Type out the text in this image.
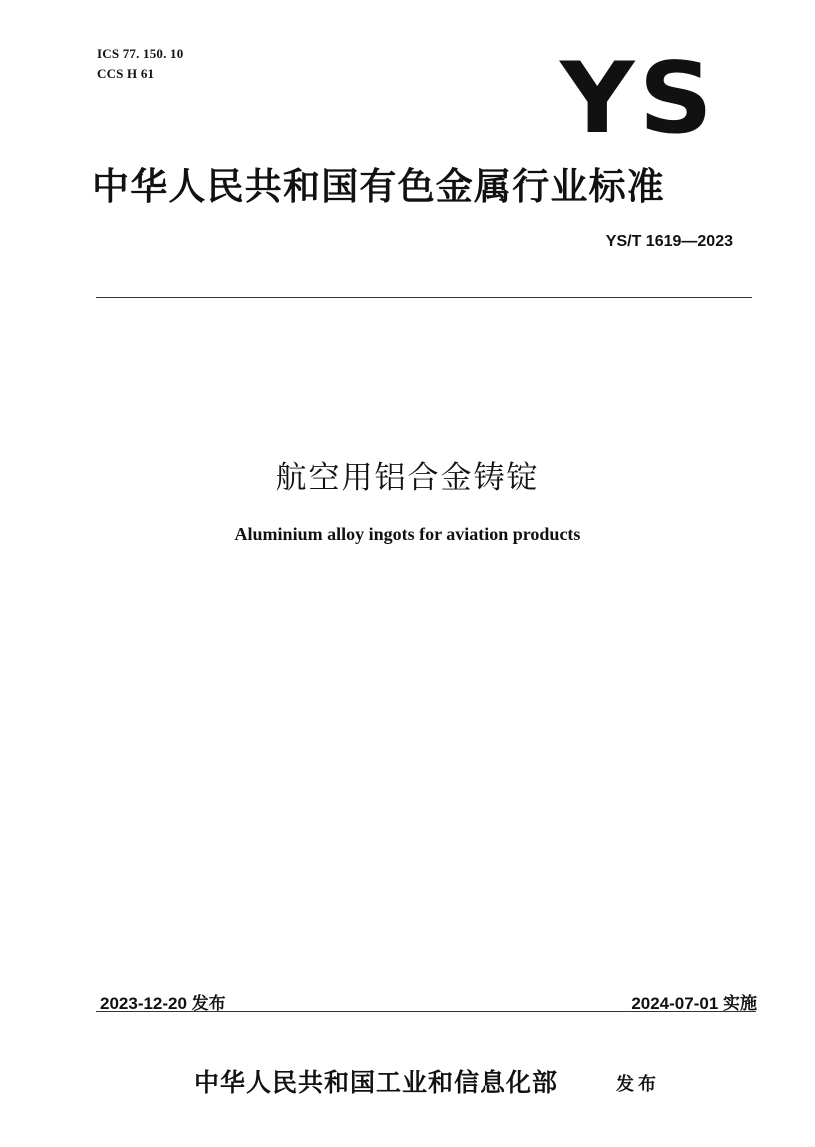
ICS 77. 150. 10
CCS H 61	YS
中华人民共和国有色金属行业标准
YS/T 1619—2023
航空用铝合金铸锭
Aluminium alloy ingots for aviation products
2023-12-20 发布	2024-07-01 实施
中华人民共和国工业和信息化部	发布
